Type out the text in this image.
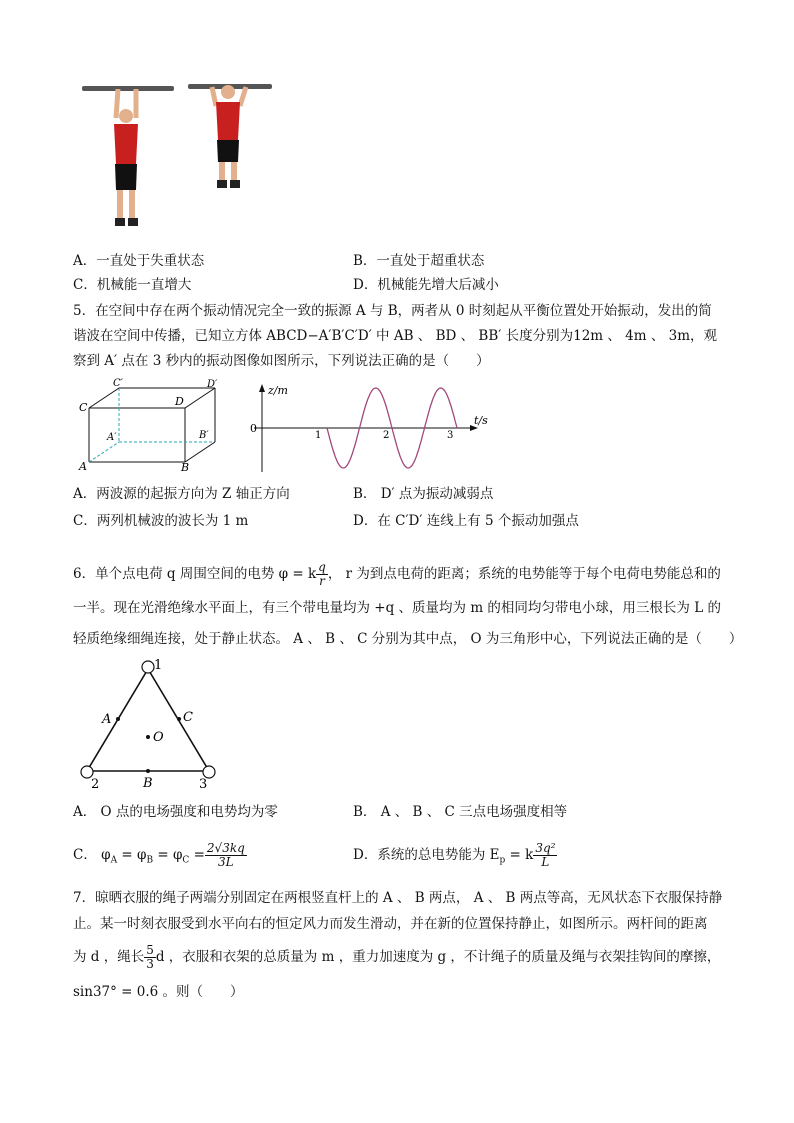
A．一直处于失重状态	B．一直处于超重状态
C．机械能一直增大	D．机械能先增大后减小
5．在空间中存在两个振动情况完全一致的振源 A 与 B，两者从 0 时刻起从平衡位置处开始振动，发出的简
谐波在空间中传播，已知立方体 ABCD−A′B′C′D′ 中 AB 、 BD 、 BB′ 长度分别为12m 、 4m 、 3m，观
察到 A′ 点在 3 秒内的振动图像如图所示，下列说法正确的是（　　）
A	B
C	D
A′	B′
C′	D′	z/m
t/s
0
1	2	3
A．两波源的起振方向为 Z 轴正方向	B． D′ 点为振动减弱点
C．两列机械波的波长为 1 m	D．在 C′D′ 连线上有 5 个振动加强点
6．单个点电荷 q 周围空间的电势 φ = k $\frac{q}{r}$ ， r 为到点电荷的距离；系统的电势能等于每个电荷电势能总和的
一半。现在光滑绝缘水平面上，有三个带电量均为 +q 、质量均为 m 的相同均匀带电小球，用三根长为 L 的
轻质绝缘细绳连接，处于静止状态。 A 、 B 、 C 分别为其中点， O 为三角形中心，下列说法正确的是（　　）
1
2	3
A
B
C
O
A． O 点的电场强度和电势均为零	B． A 、 B 、 C 三点电场强度相等
C． $\varphi_A = \varphi_B = \varphi_C = \frac{2√3kq}{3L}$	D．系统的总电势能为 $E_p = k \frac{\text{3q²}}{L}$
7．晾晒衣服的绳子两端分别固定在两根竖直杆上的 A 、 B 两点， A 、 B 两点等高，无风状态下衣服保持静
止。某一时刻衣服受到水平向右的恒定风力而发生滑动，并在新的位置保持静止，如图所示。两杆间的距离
为 d ，绳长 $\frac{5}{3}$ d ，衣服和衣架的总质量为 m ，重力加速度为 g ，不计绳子的质量及绳与衣架挂钩间的摩擦，
sin37° = 0.6 。则（　　）
